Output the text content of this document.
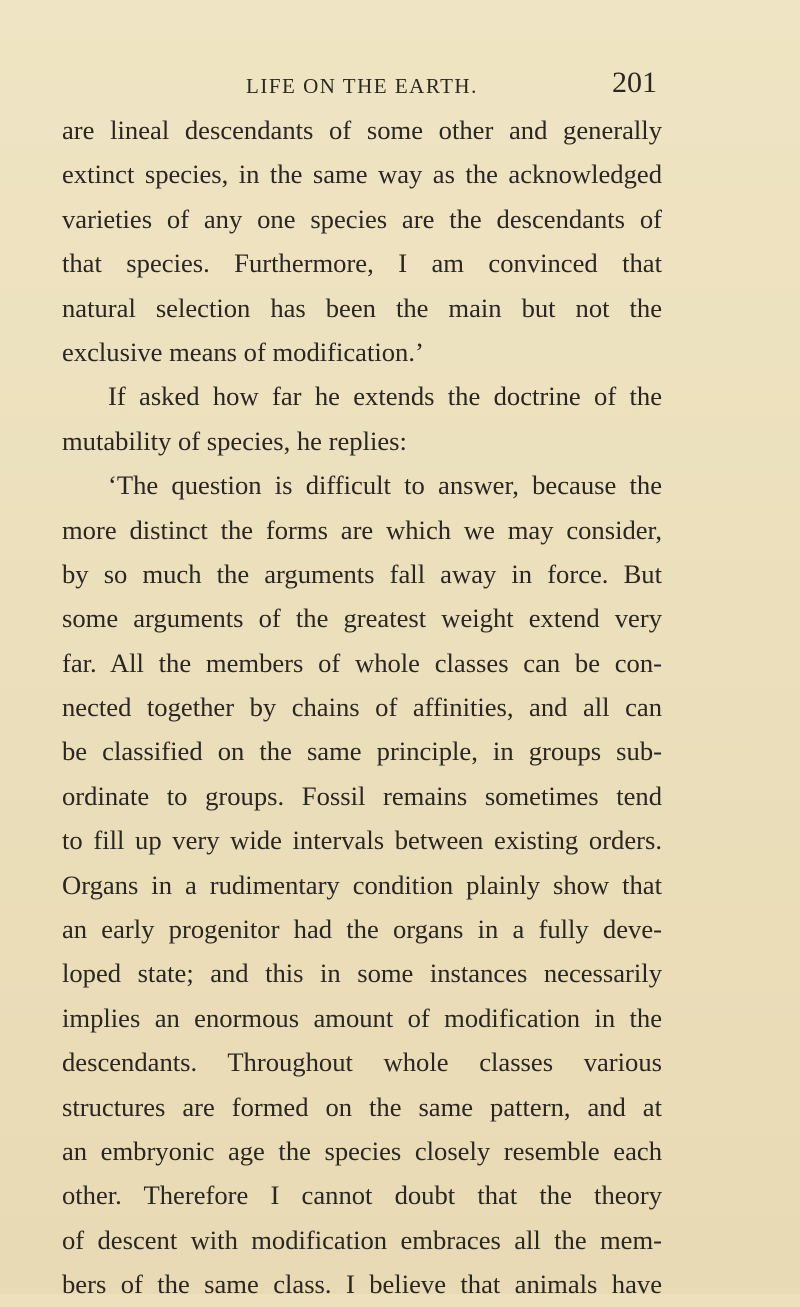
LIFE ON THE EARTH.	201
are lineal descendants of some other and generally
extinct species, in the same way as the acknowledged
varieties of any one species are the descendants of
that species. Furthermore, I am convinced that
natural selection has been the main but not the
exclusive means of modification.’
If asked how far he extends the doctrine of the
mutability of species, he replies:
‘The question is difficult to answer, because the
more distinct the forms are which we may consider,
by so much the arguments fall away in force. But
some arguments of the greatest weight extend very
far. All the members of whole classes can be con-
nected together by chains of affinities, and all can
be classified on the same principle, in groups sub-
ordinate to groups. Fossil remains sometimes tend
to fill up very wide intervals between existing orders.
Organs in a rudimentary condition plainly show that
an early progenitor had the organs in a fully deve-
loped state; and this in some instances necessarily
implies an enormous amount of modification in the
descendants. Throughout whole classes various
structures are formed on the same pattern, and at
an embryonic age the species closely resemble each
other. Therefore I cannot doubt that the theory
of descent with modification embraces all the mem-
bers of the same class. I believe that animals have
